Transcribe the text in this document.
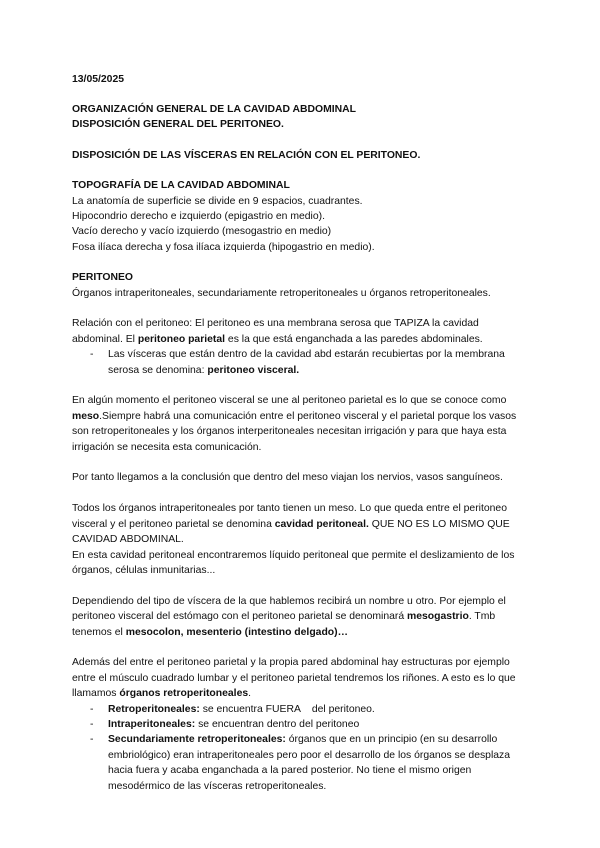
13/05/2025

ORGANIZACIÓN GENERAL DE LA CAVIDAD ABDOMINAL

DISPOSICIÓN GENERAL DEL PERITONEO.

DISPOSICIÓN DE LAS VÍSCERAS EN RELACIÓN CON EL PERITONEO.

TOPOGRAFÍA DE LA CAVIDAD ABDOMINAL

La anatomía de superficie se divide en 9 espacios, cuadrantes.

Hipocondrio derecho e izquierdo (epigastrio en medio).

Vacío derecho y vacío izquierdo (mesogastrio en medio)

Fosa ilíaca derecha y fosa ilíaca izquierda (hipogastrio en medio).

PERITONEO

Órganos intraperitoneales, secundariamente retroperitoneales u órganos retroperitoneales.

Relación con el peritoneo: El peritoneo es una membrana serosa que TAPIZA la cavidad abdominal. El peritoneo parietal es la que está enganchada a las paredes abdominales.

- Las vísceras que están dentro de la cavidad abd estarán recubiertas por la membrana serosa se denomina: peritoneo visceral.

En algún momento el peritoneo visceral se une al peritoneo parietal es lo que se conoce como meso.Siempre habrá una comunicación entre el peritoneo visceral y el parietal porque los vasos son retroperitoneales y los órganos interperitoneales necesitan irrigación y para que haya esta irrigación se necesita esta comunicación.

Por tanto llegamos a la conclusión que dentro del meso viajan los nervios, vasos sanguíneos.

Todos los órganos intraperitoneales por tanto tienen un meso. Lo que queda entre el peritoneo visceral y el peritoneo parietal se denomina cavidad peritoneal. QUE NO ES LO MISMO QUE CAVIDAD ABDOMINAL.

En esta cavidad peritoneal encontraremos líquido peritoneal que permite el deslizamiento de los órganos, células inmunitarias...

Dependiendo del tipo de víscera de la que hablemos recibirá un nombre u otro. Por ejemplo el peritoneo visceral del estómago con el peritoneo parietal se denominará mesogastrio. Tmb tenemos el mesocolon, mesenterio (intestino delgado)…

Además del entre el peritoneo parietal y la propia pared abdominal hay estructuras por ejemplo entre el músculo cuadrado lumbar y el peritoneo parietal tendremos los riñones. A esto es lo que llamamos órganos retroperitoneales.

- Retroperitoneales: se encuentra FUERA    del peritoneo.
- Intraperitoneales: se encuentran dentro del peritoneo
- Secundariamente retroperitoneales: órganos que en un principio (en su desarrollo embriológico) eran intraperitoneales pero poor el desarrollo de los órganos se desplaza hacia fuera y acaba enganchada a la pared posterior. No tiene el mismo origen mesodérmico de las vísceras retroperitoneales.
